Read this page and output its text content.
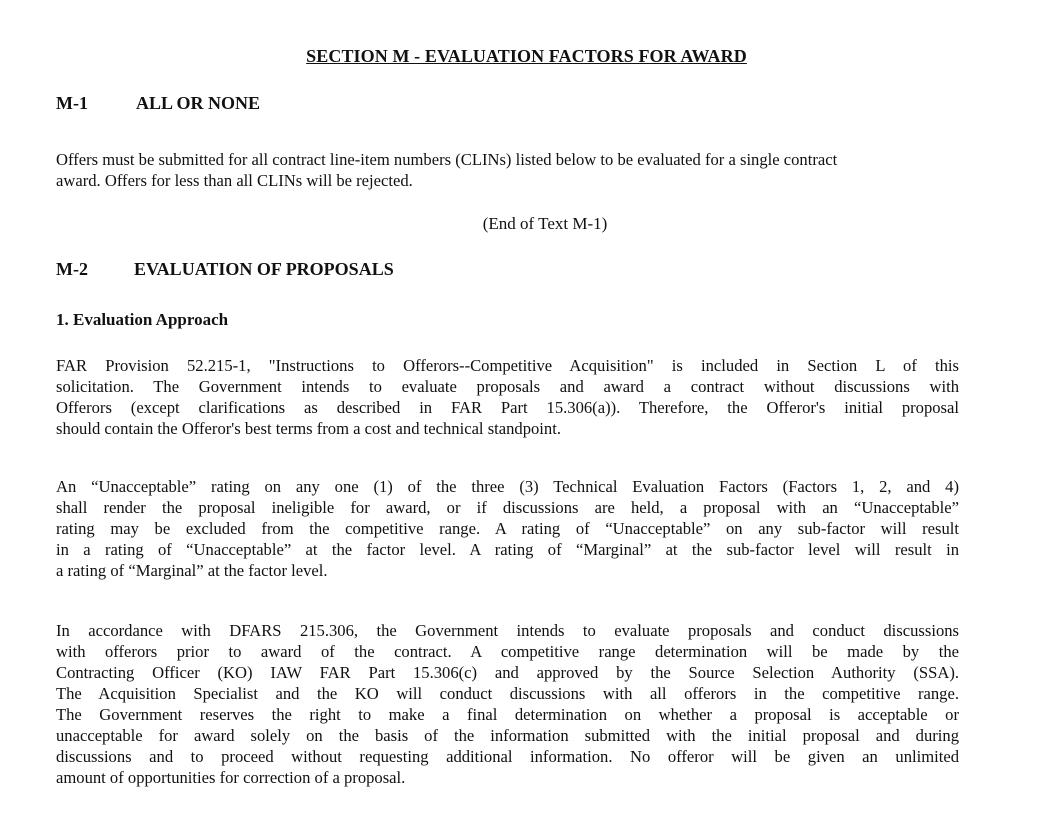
SECTION M - EVALUATION FACTORS FOR AWARD
M-1	ALL OR NONE
Offers must be submitted for all contract line-item numbers (CLINs) listed below to be evaluated for a single contract
award. Offers for less than all CLINs will be rejected.
(End of Text M-1)
M-2	EVALUATION OF PROPOSALS
1. Evaluation Approach
FAR Provision 52.215-1, "Instructions to Offerors--Competitive Acquisition" is included in Section L of this
solicitation. The Government intends to evaluate proposals and award a contract without discussions with
Offerors (except clarifications as described in FAR Part 15.306(a)). Therefore, the Offeror's initial proposal
should contain the Offeror's best terms from a cost and technical standpoint.
An “Unacceptable” rating on any one (1) of the three (3) Technical Evaluation Factors (Factors 1, 2, and 4)
shall render the proposal ineligible for award, or if discussions are held, a proposal with an “Unacceptable”
rating may be excluded from the competitive range. A rating of “Unacceptable” on any sub-factor will result
in a rating of “Unacceptable” at the factor level. A rating of “Marginal” at the sub-factor level will result in
a rating of “Marginal” at the factor level.
In accordance with DFARS 215.306, the Government intends to evaluate proposals and conduct discussions
with offerors prior to award of the contract. A competitive range determination will be made by the
Contracting Officer (KO) IAW FAR Part 15.306(c) and approved by the Source Selection Authority (SSA).
The Acquisition Specialist and the KO will conduct discussions with all offerors in the competitive range.
The Government reserves the right to make a final determination on whether a proposal is acceptable or
unacceptable for award solely on the basis of the information submitted with the initial proposal and during
discussions and to proceed without requesting additional information. No offeror will be given an unlimited
amount of opportunities for correction of a proposal.
